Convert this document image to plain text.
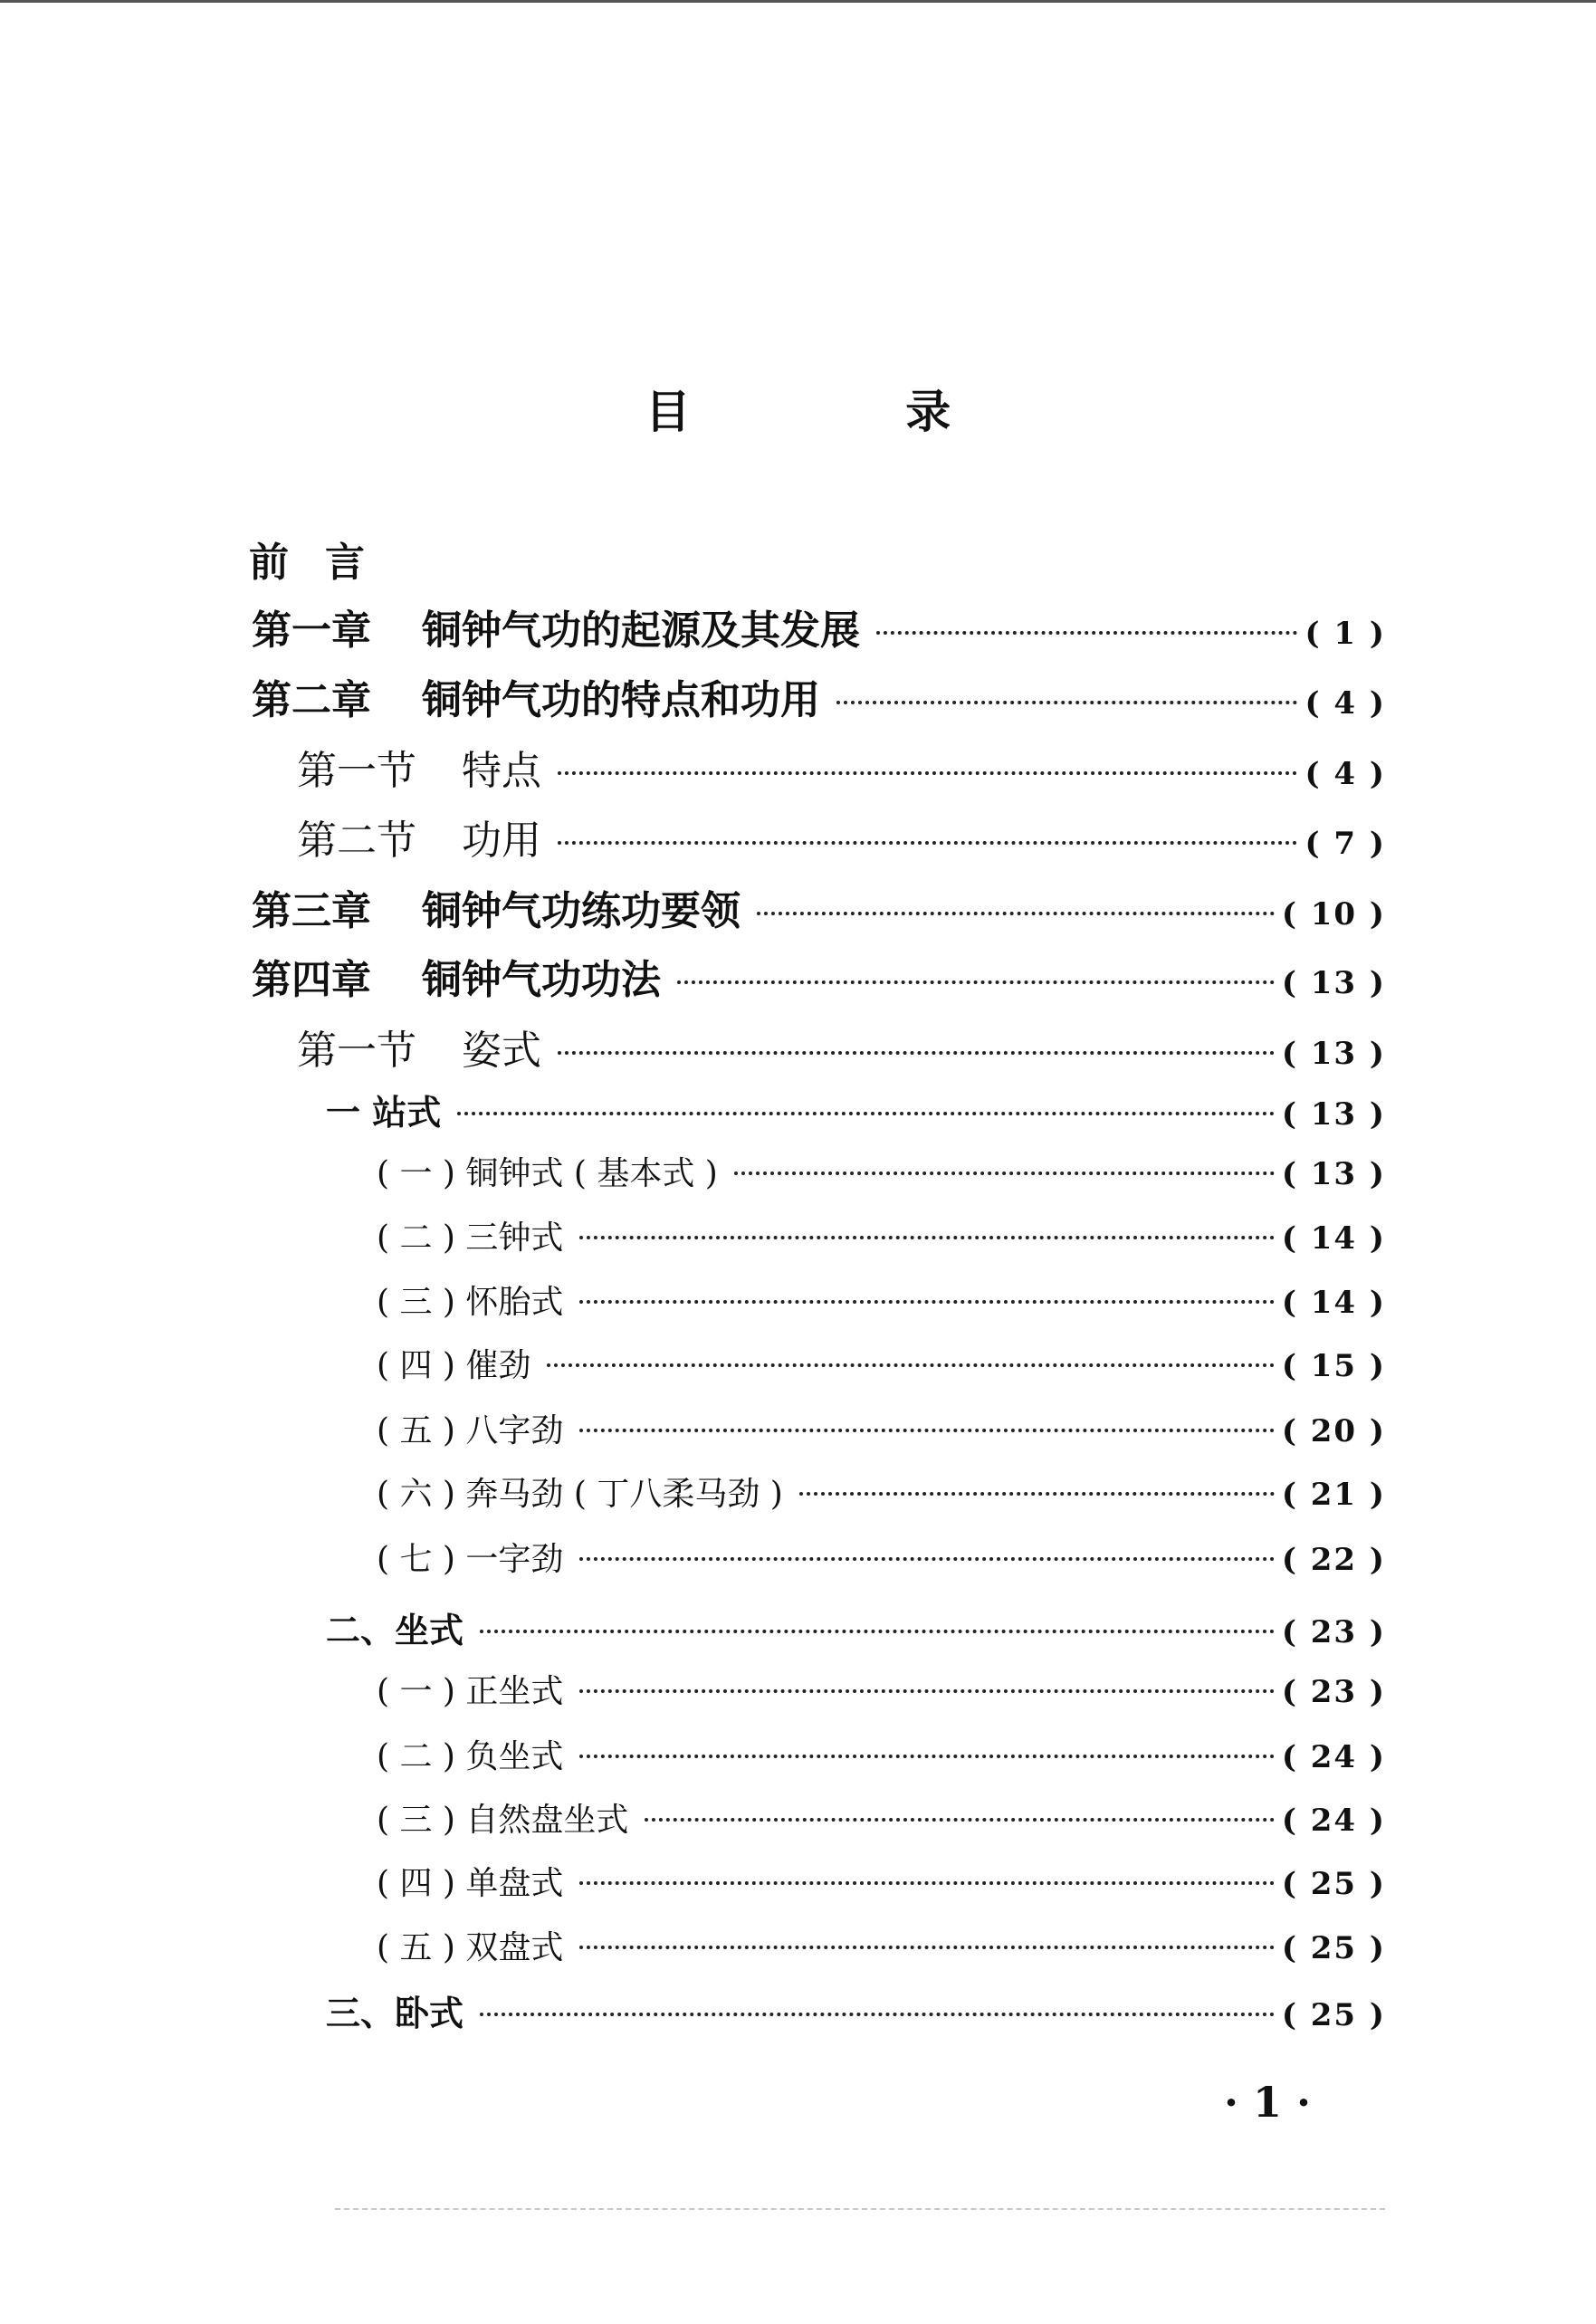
目 录
前言
第一章 铜钟气功的起源及其发展	( 1 )
第二章 铜钟气功的特点和功用	( 4 )
第一节 特点	( 4 )
第二节 功用	( 7 )
第三章 铜钟气功练功要领	( 10 )
第四章 铜钟气功功法	( 13 )
第一节 姿式	( 13 )
一 站式	( 13 )
( 一 ) 铜钟式 ( 基本式 )	( 13 )
( 二 ) 三钟式	( 14 )
( 三 ) 怀胎式	( 14 )
( 四 ) 催劲	( 15 )
( 五 ) 八字劲	( 20 )
( 六 ) 奔马劲 ( 丁八柔马劲 )	( 21 )
( 七 ) 一字劲	( 22 )
二、坐式	( 23 )
( 一 ) 正坐式	( 23 )
( 二 ) 负坐式	( 24 )
( 三 ) 自然盘坐式	( 24 )
( 四 ) 单盘式	( 25 )
( 五 ) 双盘式	( 25 )
三、卧式	( 25 )
· 1 ·
